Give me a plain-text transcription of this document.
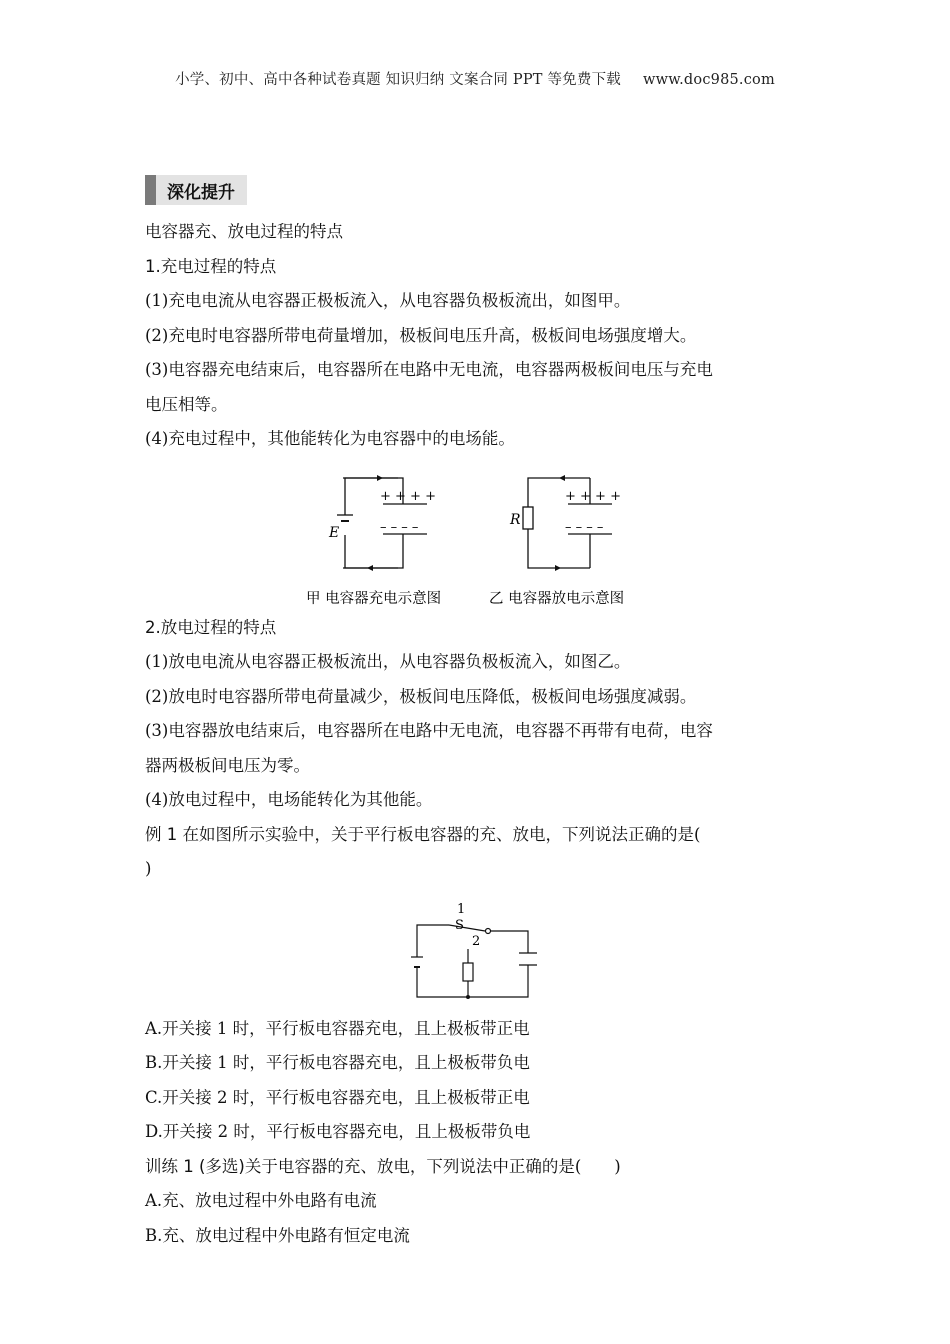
小学、初中、高中各种试卷真题 知识归纳 文案合同 PPT 等免费下载 www.doc985.com
深化提升

电容器充、放电过程的特点

1.充电过程的特点

(1)充电电流从电容器正极板流入，从电容器负极板流出，如图甲。

(2)充电时电容器所带电荷量增加，极板间电压升高，极板间电场强度增大。

(3)电容器充电结束后，电容器所在电路中无电流，电容器两极板间电压与充电

电压相等。

(4)充电过程中，其他能转化为电容器中的电场能。

E
+ + + +
– – – –
甲 电容器充电示意图
R
+ + + +
– – – –
乙 电容器放电示意图

2.放电过程的特点

(1)放电电流从电容器正极板流出，从电容器负极板流入，如图乙。

(2)放电时电容器所带电荷量减少，极板间电压降低，极板间电场强度减弱。

(3)电容器放电结束后，电容器所在电路中无电流，电容器不再带有电荷，电容

器两极板间电压为零。

(4)放电过程中，电场能转化为其他能。

例 1 在如图所示实验中，关于平行板电容器的充、放电，下列说法正确的是(

)

1
S
2

A.开关接 1 时，平行板电容器充电，且上极板带正电

B.开关接 1 时，平行板电容器充电，且上极板带负电

C.开关接 2 时，平行板电容器充电，且上极板带正电

D.开关接 2 时，平行板电容器充电，且上极板带负电

训练 1 (多选)关于电容器的充、放电，下列说法中正确的是(　　)

A.充、放电过程中外电路有电流

B.充、放电过程中外电路有恒定电流
